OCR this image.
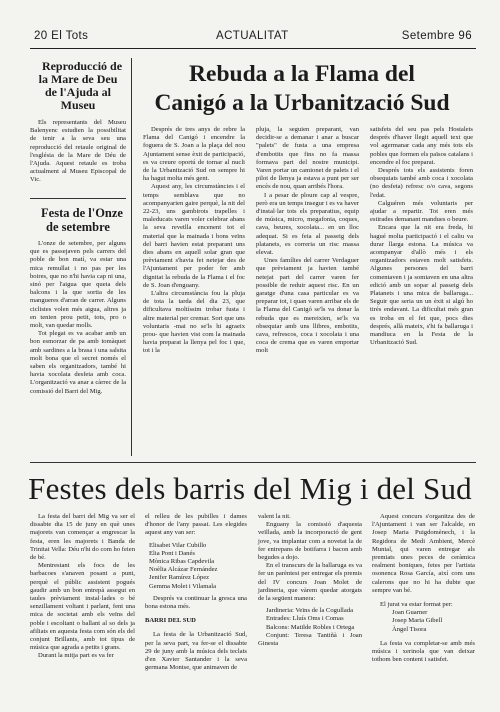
20 El Tots	ACTUALITAT	Setembre 96

Reproducció de
la Mare de Deu
de l'Ajuda al
Museu

Els representants del Museu Balenyenc estudien la possibilitat de tenir a la seva seu una reproducció del retaule original de l'església de la Mare de Déu de l'Ajuda. Aquest retaule es troba actualment al Museu Episcopal de Vic.

Festa de l'Onze
de setembre

L'onze de setembre, per alguns que es passejaven pels carrers del poble de bon matí, va estar una mica remullat i no pas per les boires, que no n'hi havia cap ni una, sinó per l'aigua que queia dels balcons i la que sortia de les mangueres d'arran de carrer. Alguns ciclistes volen més aigua, altres ja en tenien prou petit, tots, pro o molt, van quedar molls.

Tot plegat es va acabar amb un bon esmorzar de pa amb tomàquet amb sardines a la brasa i una salsita molt bona que el secret només el saben els organitzadors, també hi havia xocolata desfeta amb coca. L'organització va anar a càrrec de la comissió del Barri del Mig.

Rebuda a la Flama del
Canigó a la Urbanització Sud

Després de tres anys de rebre la Flama del Canigó i encendre la foguera de S. Joan a la plaça del nou Ajuntament sense èxit de participació, es va creure oportú de tornar al nucli de la Urbanització Sud on sempre hi ha hagut molta més gent.

Aquest any, les circumstàncies i el temps semblava que no acompanyarien gaire perquè, la nit del 22-23, uns gambirots trapelles i maleducats varen voler celebrar abans la seva revetlla encenent tot el material que la mainada i bons veïns del barri havien estat preparant uns dies abans en aquell solar gran que prèviament s'havia fet netejar des de l'Ajuntament per poder fer amb dignitat la rebuda de la Flama i el foc de S. Joan d'enguany.

L'altra circumstància fou la pluja de tota la tarda del dia 23, que dificultava moltíssim trobar fusta i altre material per cremar. Sort que uns voluntaris -mai no se'ls hi agraeix prou- que havien vist com la mainada havia preparat la llenya pel foc i que, tot i la

pluja, la seguien preparant, van decidir-se a demanar i anar a buscar "palets" de fusta a una empresa d'embotits que fins no fa massa formava part del nostre municipi. Varen portar un camionet de palets i el pilot de llenya ja estava a punt per ser encès de nou, quan arribés l'hora.

I a pesar de ploure cap al vespre, però era un temps insegur i es va haver d'instal·lar tots els preparatius, equip de música, micro, megafonia, coques, cava, beures, xocolata... en un lloc adequat. Si es feia al passeig dels platanets, es correria un risc massa elevat.

Unes famílies del carrer Verdaguer que prèviament ja havien també netejat part del carrer varen fer possible de reduir aquest risc. En un garatge d'una casa particular es va preparar tot, i quan varen arribar els de la Flama del Canigó se'ls va donar la rebuda que es mereixien, se'ls va obsequiar amb uns llibres, embotits, cava, refrescos, coca i xocolata i una coca de crema que es varen emportar molt

satisfets del seu pas pels Hostalets després d'haver llegit aquell text que vol agermanar cada any més tots els pobles que formen els països catalans i encendre el foc preparat.

Després tots els assistents foren obsequiats també amb coca i xocolata (no desfeta) refresc o/o cava, segons l'edat.

Calguéren més voluntaris per ajudar a repartir. Tot eren més estirades demanant mandues o beure.

Encara que la nit era freda, hi hagué molta participació i el caliu va durar llarga estona. La música va acompanyar d'allò més i els organitzadors estaven molt satisfets. Algunes persones del barri comentaven i ja somiaven en una altra edició amb un sopar al passeig dels Platanets i una mica de ballaruga... Seguir que seria un un èxit si algú ho tirés endavant. La dificultat més gran es troba en el fet que, pocs dies després, allà mateix, s'hi fa ballaruga i mandiuca en la Festa de la Urbanització Sud.

Festes dels barris del Mig i del Sud

La festa del barri del Mig va ser el dissabte dia 15 de juny en què unes majorets van començar a engrescar la festa, eren les majorets i Banda de Trinitat Vella: Déu n'hi do com ho feien de bé.

Mentrestant els focs de les barbacoes s'anaven posant a punt, perquè el públic assistent pogués gaudir amb un bon entrepà assegut en taules prèviament instal·lades o bé senzillament voltant i parlant, fent una mica de societat amb els veïns del poble i escoltant o ballant al so dels ja afiliats en aquesta festa com són els del conjunt Brillants, amb tot tipus de música que agrada a petits i grans.

Durant la mitja part es va fer

el relleu de les pubilles i dames d'honor de l'any passat. Les elegides aquest any van ser:

Elisabet Vilar Cubillo

Elia Pont i Danés

Mònica Ribas Capdevila

Noèlia Alcázar Fernández

Jenifer Ramírez López

Gemma Molet i Vilamala

Després va continuar la gresca una bona estona més.

BARRI DEL SUD

La festa de la Urbanització Sud, per la seva part, va fer-se el dissabte 29 de juny amb la música dels teclats d'en Xavier Santander i la seva germana Montse, que animaven de

valent la nit.

Enguany la comissió d'aquesta veïllada, amb la incorporació de gent jove, va implantar com a novetat la de fer entrepans de botifarra i bacon amb begudes a dojo.

En el transcurs de la ballaruga es va fer un parèntesi per entregar els premis del IV concurs Joan Molet de jardineria, que vàrem quedar atorgats de la següent manera:

Jardineria: Veïns de la Cogullada

Entrades: Lluís Oms i Comas

Balcons: Matilde Robles i Ortega

Conjunt: Teresa Tantiñà i Joan Ginesta

Aquest concurs s'organitza des de l'Ajuntament i van ser l'alcalde, en Josep Maria Puigdomènech, i la Regidora de Medi Ambient, Mercè Muntal, qui varen entregar als premiats unes peces de ceràmica realment boniques, fetes per l'artista osonenca Rosa García, així com uns calerons que no hi ha dubte que sempre van bé.

El jurat va estar format per:

Joan Guarner

Josep Maria Gibell

Àngel Tisora

La festa va completar-se amb més música i xerinola que van deixar tothom ben content i satisfet.
